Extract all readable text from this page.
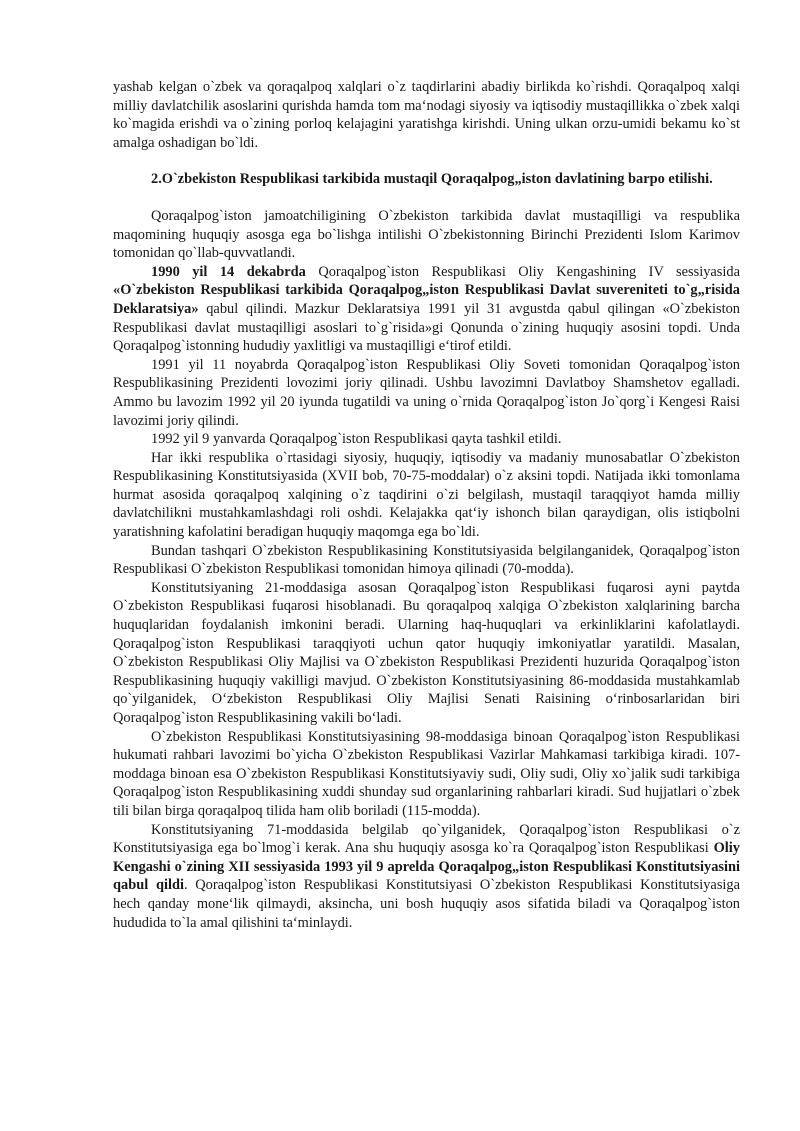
yashab kelgan o`zbek va qoraqalpoq xalqlari o`z taqdirlarini abadiy birlikda ko`rishdi. Qoraqalpoq xalqi milliy davlatchilik asoslarini qurishda hamda tom ma‘nodagi siyosiy va iqtisodiy mustaqillikka o`zbek xalqi ko`magida erishdi va o`zining porloq kelajagini yaratishga kirishdi. Uning ulkan orzu-umidi bekamu ko`st amalga oshadigan bo`ldi.

2.O`zbekiston Respublikasi tarkibida mustaqil Qoraqalpog„iston davlatining barpo etilishi.

Qoraqalpog`iston jamoatchiligining O`zbekiston tarkibida davlat mustaqilligi va respublika maqomining huquqiy asosga ega bo`lishga intilishi O`zbekistonning Birinchi Prezidenti Islom Karimov tomonidan qo`llab-quvvatlandi.

1990 yil 14 dekabrda Qoraqalpog`iston Respublikasi Oliy Kengashining IV sessiyasida «O`zbekiston Respublikasi tarkibida Qoraqalpog„iston Respublikasi Davlat suvereniteti to`g„risida Deklaratsiya» qabul qilindi. Mazkur Deklaratsiya 1991 yil 31 avgustda qabul qilingan «O`zbekiston Respublikasi davlat mustaqilligi asoslari to`g`risida»gi Qonunda o`zining huquqiy asosini topdi. Unda Qoraqalpog`istonning hududiy yaxlitligi va mustaqilligi e‘tirof etildi.

1991 yil 11 noyabrda Qoraqalpog`iston Respublikasi Oliy Soveti tomonidan Qoraqalpog`iston Respublikasining Prezidenti lovozimi joriy qilinadi. Ushbu lavozimni Davlatboy Shamshetov egalladi. Ammo bu lavozim 1992 yil 20 iyunda tugatildi va uning o`rnida Qoraqalpog`iston Jo`qorg`i Kengesi Raisi lavozimi joriy qilindi.

1992 yil 9 yanvarda Qoraqalpog`iston Respublikasi qayta tashkil etildi.

Har ikki respublika o`rtasidagi siyosiy, huquqiy, iqtisodiy va madaniy munosabatlar O`zbekiston Respublikasining Konstitutsiyasida (XVII bob, 70-75-moddalar) o`z aksini topdi. Natijada ikki tomonlama hurmat asosida qoraqalpoq xalqining o`z taqdirini o`zi belgilash, mustaqil taraqqiyot hamda milliy davlatchilikni mustahkamlashdagi roli oshdi. Kelajakka qat‘iy ishonch bilan qaraydigan, olis istiqbolni yaratishning kafolatini beradigan huquqiy maqomga ega bo`ldi.

Bundan tashqari O`zbekiston Respublikasining Konstitutsiyasida belgilanganidek, Qoraqalpog`iston Respublikasi O`zbekiston Respublikasi tomonidan himoya qilinadi (70-modda).

Konstitutsiyaning 21-moddasiga asosan Qoraqalpog`iston Respublikasi fuqarosi ayni paytda O`zbekiston Respublikasi fuqarosi hisoblanadi. Bu qoraqalpoq xalqiga O`zbekiston xalqlarining barcha huquqlaridan foydalanish imkonini beradi. Ularning haq-huquqlari va erkinliklarini kafolatlaydi. Qoraqalpog`iston Respublikasi taraqqiyoti uchun qator huquqiy imkoniyatlar yaratildi. Masalan, O`zbekiston Respublikasi Oliy Majlisi va O`zbekiston Respublikasi Prezidenti huzurida Qoraqalpog`iston Respublikasining huquqiy vakilligi mavjud. O`zbekiston Konstitutsiyasining 86-moddasida mustahkamlab qo`yilganidek, O‘zbekiston Respublikasi Oliy Majlisi Senati Raisining o‘rinbosarlaridan biri Qoraqalpog`iston Respublikasining vakili bo‘ladi.

O`zbekiston Respublikasi Konstitutsiyasining 98-moddasiga binoan Qoraqalpog`iston Respublikasi hukumati rahbari lavozimi bo`yicha O`zbekiston Respublikasi Vazirlar Mahkamasi tarkibiga kiradi. 107-moddaga binoan esa O`zbekiston Respublikasi Konstitutsiyaviy sudi, Oliy sudi, Oliy xo`jalik sudi tarkibiga Qoraqalpog`iston Respublikasining xuddi shunday sud organlarining rahbarlari kiradi. Sud hujjatlari o`zbek tili bilan birga qoraqalpoq tilida ham olib boriladi (115-modda).

Konstitutsiyaning 71-moddasida belgilab qo`yilganidek, Qoraqalpog`iston Respublikasi o`z Konstitutsiyasiga ega bo`lmog`i kerak. Ana shu huquqiy asosga ko`ra Qoraqalpog`iston Respublikasi Oliy Kengashi o`zining XII sessiyasida 1993 yil 9 aprelda Qoraqalpog„iston Respublikasi Konstitutsiyasini qabul qildi. Qoraqalpog`iston Respublikasi Konstitutsiyasi O`zbekiston Respublikasi Konstitutsiyasiga hech qanday mone‘lik qilmaydi, aksincha, uni bosh huquqiy asos sifatida biladi va Qoraqalpog`iston hududida to`la amal qilishini ta‘minlaydi.
